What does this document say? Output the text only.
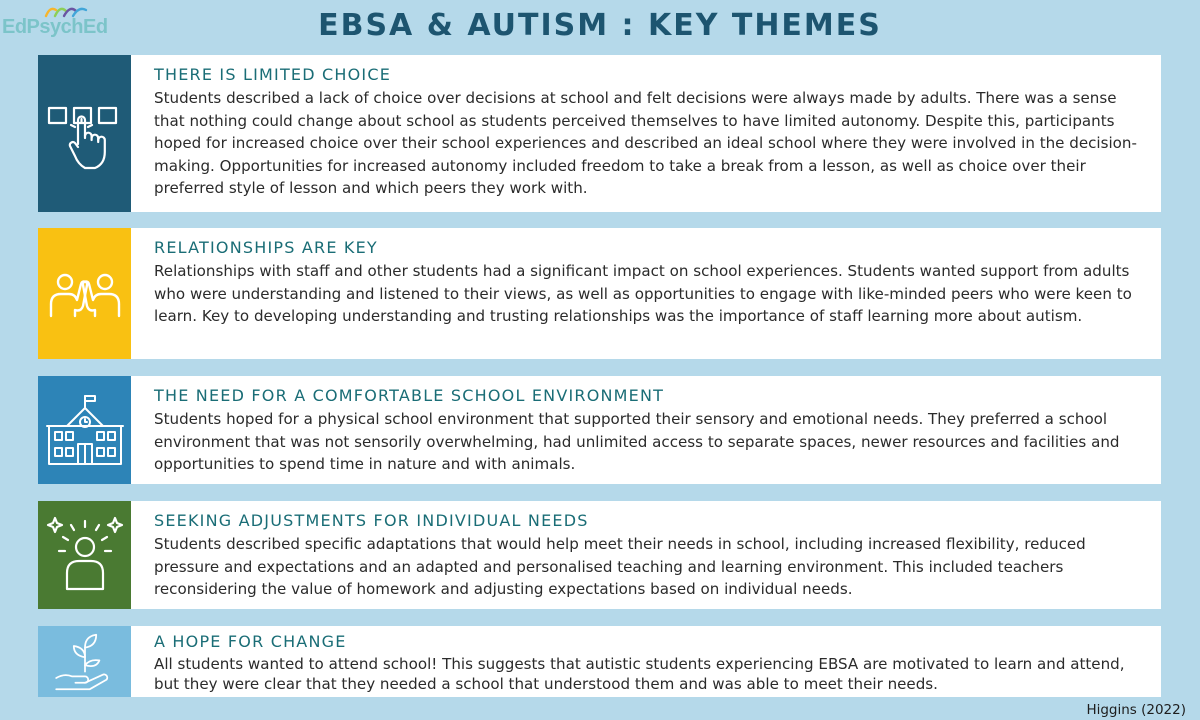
EdPsychEd	EBSA & AUTISM : KEY THEMES
THERE IS LIMITED CHOICE
Students described a lack of choice over decisions at school and felt decisions were always made by adults. There was a sense that nothing could change about school as students perceived themselves to have limited autonomy. Despite this, participants hoped for increased choice over their school experiences and described an ideal school where they were involved in the decision-making. Opportunities for increased autonomy included freedom to take a break from a lesson, as well as choice over their preferred style of lesson and which peers they work with.
RELATIONSHIPS ARE KEY
Relationships with staff and other students had a significant impact on school experiences. Students wanted support from adults who were understanding and listened to their views, as well as opportunities to engage with like-minded peers who were keen to learn. Key to developing understanding and trusting relationships was the importance of staff learning more about autism.
THE NEED FOR A COMFORTABLE SCHOOL ENVIRONMENT
Students hoped for a physical school environment that supported their sensory and emotional needs. They preferred a school environment that was not sensorily overwhelming, had unlimited access to separate spaces, newer resources and facilities and opportunities to spend time in nature and with animals.
SEEKING ADJUSTMENTS FOR INDIVIDUAL NEEDS
Students described specific adaptations that would help meet their needs in school, including increased flexibility, reduced pressure and expectations and an adapted and personalised teaching and learning environment. This included teachers reconsidering the value of homework and adjusting expectations based on individual needs.
A HOPE FOR CHANGE
All students wanted to attend school! This suggests that autistic students experiencing EBSA are motivated to learn and attend, but they were clear that they needed a school that understood them and was able to meet their needs.
Higgins (2022)
